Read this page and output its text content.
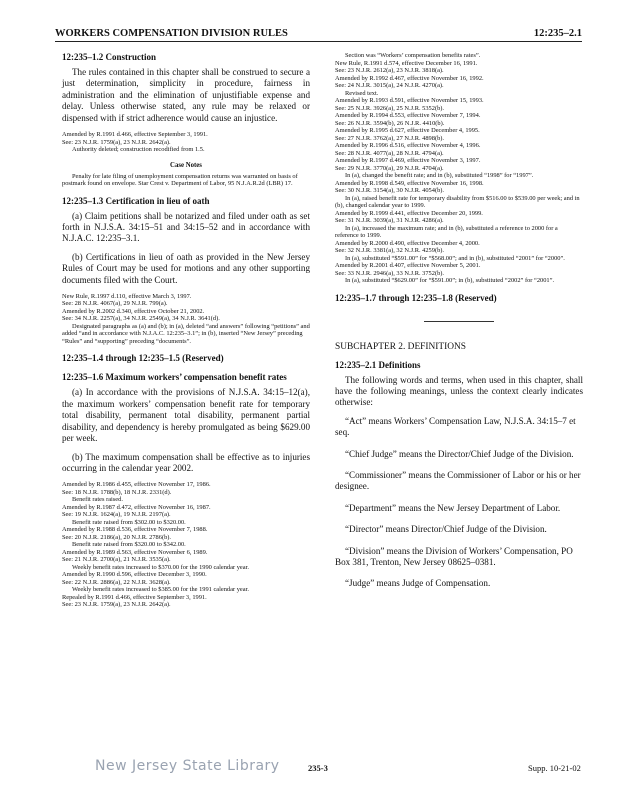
WORKERS COMPENSATION DIVISION RULES	12:235–2.1

12:235–1.2 Construction

The rules contained in this chapter shall be construed to secure a just determination, simplicity in procedure, fairness in administration and the elimination of unjustifiable expense and delay. Unless otherwise stated, any rule may be relaxed or dispensed with if strict adherence would cause an injustice.

Amended by R.1991 d.466, effective September 3, 1991.

See: 23 N.J.R. 1759(a), 23 N.J.R. 2642(a).

Authority deleted; construction recodified from 1.5.

Case Notes

Penalty for late filing of unemployment compensation returns was warranted on basis of postmark found on envelope. Star Crest v. Department of Labor, 95 N.J.A.R.2d (LBR) 17.

12:235–1.3 Certification in lieu of oath

(a) Claim petitions shall be notarized and filed under oath as set forth in N.J.S.A. 34:15–51 and 34:15–52 and in accordance with N.J.A.C. 12:235–3.1.

(b) Certifications in lieu of oath as provided in the New Jersey Rules of Court may be used for motions and any other supporting documents filed with the Court.

New Rule, R.1997 d.110, effective March 3, 1997.

See: 28 N.J.R. 4067(a), 29 N.J.R. 799(a).

Amended by R.2002 d.340, effective October 21, 2002.

See: 34 N.J.R. 2257(a), 34 N.J.R. 2549(a), 34 N.J.R. 3641(d).

Designated paragraphs as (a) and (b); in (a), deleted “and answers” following “petitions” and added “and in accordance with N.J.A.C. 12:235–3.1”; in (b), inserted “New Jersey” preceding “Rules” and “supporting” preceding “documents”.

12:235–1.4 through 12:235–1.5 (Reserved)
12:235–1.6 Maximum workers’ compensation benefit rates

(a) In accordance with the provisions of N.J.S.A. 34:15–12(a), the maximum workers’ compensation benefit rate for temporary total disability, permanent total disability, permanent partial disability, and dependency is hereby promulgated as being $629.00 per week.

(b) The maximum compensation shall be effective as to injuries occurring in the calendar year 2002.

Amended by R.1986 d.455, effective November 17, 1986.

See: 18 N.J.R. 1788(b), 18 N.J.R. 2331(d).

Benefit rates raised.

Amended by R.1987 d.472, effective November 16, 1987.

See: 19 N.J.R. 1624(a), 19 N.J.R. 2197(a).

Benefit rate raised from $302.00 to $320.00.

Amended by R.1988 d.536, effective November 7, 1988.

See: 20 N.J.R. 2186(a), 20 N.J.R. 2786(b).

Benefit rate raised from $320.00 to $342.00.

Amended by R.1989 d.563, effective November 6, 1989.

See: 21 N.J.R. 2700(a), 21 N.J.R. 3535(a).

Weekly benefit rates increased to $370.00 for the 1990 calendar year.

Amended by R.1990 d.596, effective December 3, 1990.

See: 22 N.J.R. 2886(a), 22 N.J.R. 3628(a).

Weekly benefit rates increased to $385.00 for the 1991 calendar year.

Repealed by R.1991 d.466, effective September 3, 1991.

See: 23 N.J.R. 1759(a), 23 N.J.R. 2642(a).

Section was “Workers’ compensation benefits rates”.

New Rule, R.1991 d.574, effective December 16, 1991.

See: 23 N.J.R. 2612(a), 23 N.J.R. 3818(a).

Amended by R.1992 d.467, effective November 16, 1992.

See: 24 N.J.R. 3015(a), 24 N.J.R. 4270(a).

Revised text.

Amended by R.1993 d.591, effective November 15, 1993.

See: 25 N.J.R. 3926(a), 25 N.J.R. 5352(b).

Amended by R.1994 d.553, effective November 7, 1994.

See: 26 N.J.R. 3594(b), 26 N.J.R. 4410(b).

Amended by R.1995 d.627, effective December 4, 1995.

See: 27 N.J.R. 3762(a), 27 N.J.R. 4898(b).

Amended by R.1996 d.516, effective November 4, 1996.

See: 28 N.J.R. 4077(a), 28 N.J.R. 4794(a).

Amended by R.1997 d.469, effective November 3, 1997.

See: 29 N.J.R. 3770(a), 29 N.J.R. 4704(a).

In (a), changed the benefit rate; and in (b), substituted “1998” for “1997”.

Amended by R.1998 d.549, effective November 16, 1998.

See: 30 N.J.R. 3154(a), 30 N.J.R. 4054(b).

In (a), raised benefit rate for temporary disability from $516.00 to $539.00 per week; and in (b), changed calendar year to 1999.

Amended by R.1999 d.441, effective December 20, 1999.

See: 31 N.J.R. 3039(a), 31 N.J.R. 4286(a).

In (a), increased the maximum rate; and in (b), substituted a reference to 2000 for a reference to 1999.

Amended by R.2000 d.490, effective December 4, 2000.

See: 32 N.J.R. 3381(a), 32 N.J.R. 4259(b).

In (a), substituted “$591.00” for “$568.00”; and in (b), substituted “2001” for “2000”.

Amended by R.2001 d.407, effective November 5, 2001.

See: 33 N.J.R. 2946(a), 33 N.J.R. 3752(b).

In (a), substituted “$629.00” for “$591.00”; in (b), substituted “2002” for “2001”.

12:235–1.7 through 12:235–1.8 (Reserved)
SUBCHAPTER 2. DEFINITIONS
12:235–2.1 Definitions

The following words and terms, when used in this chapter, shall have the following meanings, unless the context clearly indicates otherwise:

“Act” means Workers’ Compensation Law, N.J.S.A. 34:15–7 et seq.

“Chief Judge” means the Director/Chief Judge of the Division.

“Commissioner” means the Commissioner of Labor or his or her designee.

“Department” means the New Jersey Department of Labor.

“Director” means Director/Chief Judge of the Division.

“Division” means the Division of Workers’ Compensation, PO Box 381, Trenton, New Jersey 08625–0381.

“Judge” means Judge of Compensation.

New Jersey State Library	235-3	Supp. 10-21-02
